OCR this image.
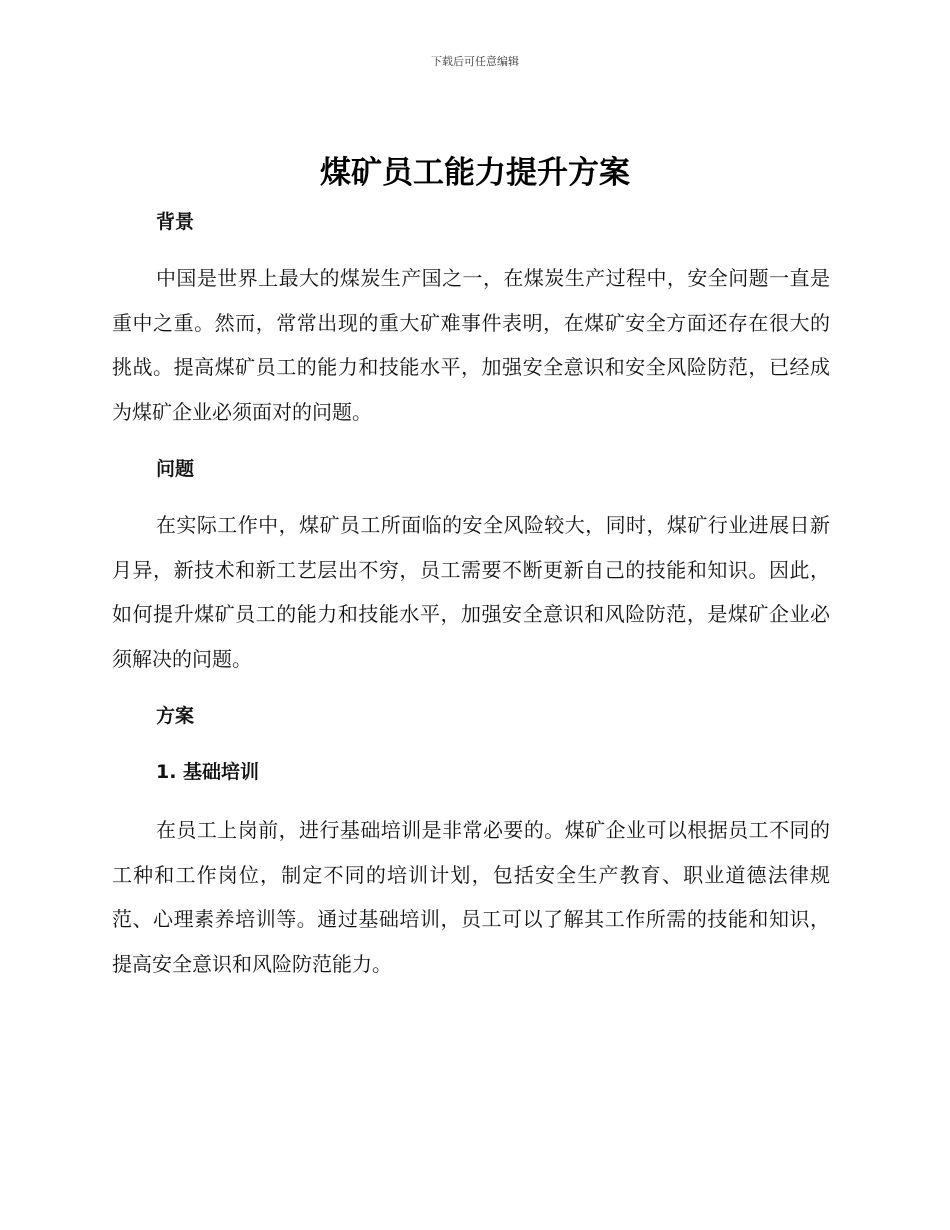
下载后可任意编辑
煤矿员工能力提升方案
背景

中国是世界上最大的煤炭生产国之一，在煤炭生产过程中，安全问题一直是重中之重。然而，常常出现的重大矿难事件表明，在煤矿安全方面还存在很大的挑战。提高煤矿员工的能力和技能水平，加强安全意识和安全风险防范，已经成为煤矿企业必须面对的问题。

问题

在实际工作中，煤矿员工所面临的安全风险较大，同时，煤矿行业进展日新月异，新技术和新工艺层出不穷，员工需要不断更新自己的技能和知识。因此，如何提升煤矿员工的能力和技能水平，加强安全意识和风险防范，是煤矿企业必须解决的问题。

方案
1. 基础培训

在员工上岗前，进行基础培训是非常必要的。煤矿企业可以根据员工不同的工种和工作岗位，制定不同的培训计划，包括安全生产教育、职业道德法律规范、心理素养培训等。通过基础培训，员工可以了解其工作所需的技能和知识，提高安全意识和风险防范能力。
